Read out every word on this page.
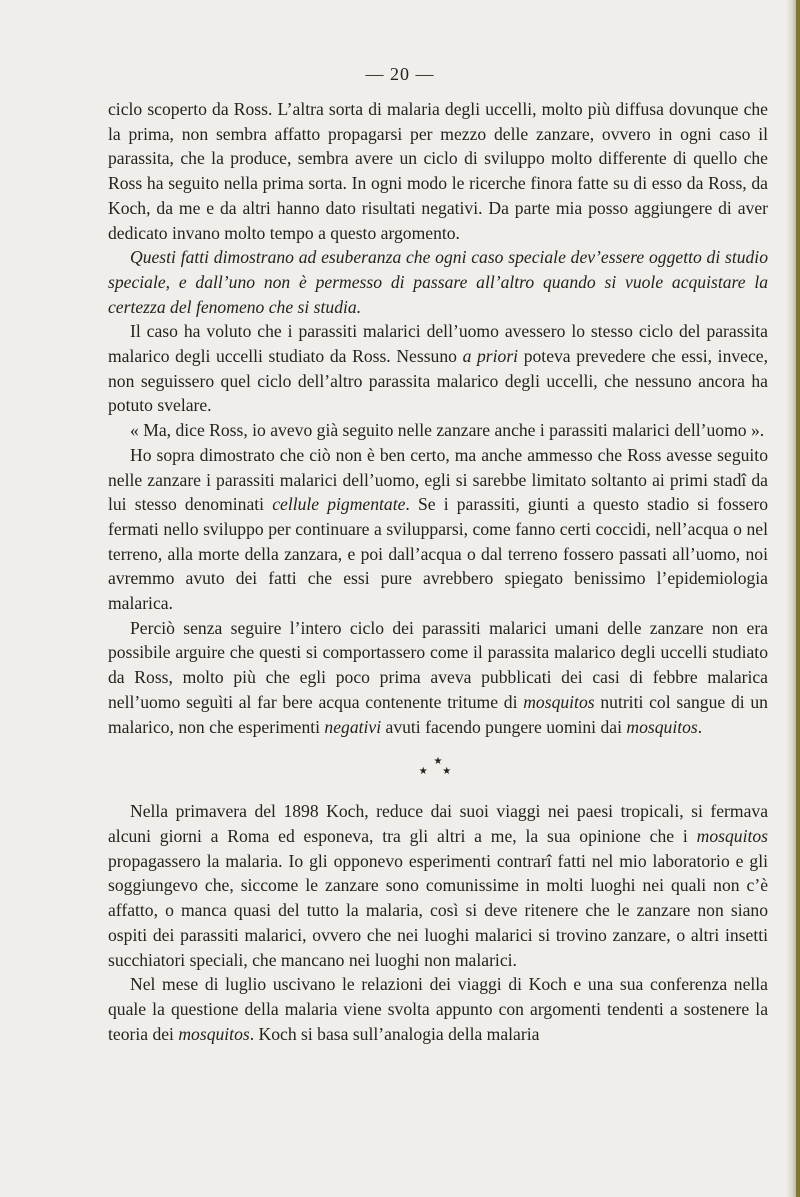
— 20 —

ciclo scoperto da Ross. L’altra sorta di malaria degli uccelli, molto più diffusa dovunque che la prima, non sembra affatto propagarsi per mezzo delle zanzare, ovvero in ogni caso il parassita, che la produce, sembra avere un ciclo di sviluppo molto differente di quello che Ross ha seguito nella prima sorta. In ogni modo le ricerche finora fatte su di esso da Ross, da Koch, da me e da altri hanno dato risultati negativi. Da parte mia posso aggiungere di aver dedicato invano molto tempo a questo argomento.

Questi fatti dimostrano ad esuberanza che ogni caso speciale dev’essere oggetto di studio speciale, e dall’uno non è permesso di passare all’altro quando si vuole acquistare la certezza del fenomeno che si studia.

Il caso ha voluto che i parassiti malarici dell’uomo avessero lo stesso ciclo del parassita malarico degli uccelli studiato da Ross. Nessuno a priori poteva prevedere che essi, invece, non seguissero quel ciclo dell’altro parassita malarico degli uccelli, che nessuno ancora ha potuto svelare.

« Ma, dice Ross, io avevo già seguito nelle zanzare anche i parassiti malarici dell’uomo ».

Ho sopra dimostrato che ciò non è ben certo, ma anche ammesso che Ross avesse seguito nelle zanzare i parassiti malarici dell’uomo, egli si sarebbe limitato soltanto ai primi stadî da lui stesso denominati cellule pigmentate. Se i parassiti, giunti a questo stadio si fossero fermati nello sviluppo per continuare a svilupparsi, come fanno certi coccidi, nell’acqua o nel terreno, alla morte della zanzara, e poi dall’acqua o dal terreno fossero passati all’uomo, noi avremmo avuto dei fatti che essi pure avrebbero spiegato benissimo l’epidemiologia malarica.

Perciò senza seguire l’intero ciclo dei parassiti malarici umani delle zanzare non era possibile arguire che questi si comportassero come il parassita malarico degli uccelli studiato da Ross, molto più che egli poco prima aveva pubblicati dei casi di febbre malarica nell’uomo seguìti al far bere acqua contenente tritume di mosquitos nutriti col sangue di un malarico, non che esperimenti negativi avuti facendo pungere uomini dai mosquitos.

★
★ ★

Nella primavera del 1898 Koch, reduce dai suoi viaggi nei paesi tropicali, si fermava alcuni giorni a Roma ed esponeva, tra gli altri a me, la sua opinione che i mosquitos propagassero la malaria. Io gli opponevo esperimenti contrarî fatti nel mio laboratorio e gli soggiungevo che, siccome le zanzare sono comunissime in molti luoghi nei quali non c’è affatto, o manca quasi del tutto la malaria, così si deve ritenere che le zanzare non siano ospiti dei parassiti malarici, ovvero che nei luoghi malarici si trovino zanzare, o altri insetti succhiatori speciali, che mancano nei luoghi non malarici.

Nel mese di luglio uscivano le relazioni dei viaggi di Koch e una sua conferenza nella quale la questione della malaria viene svolta appunto con argomenti tendenti a sostenere la teoria dei mosquitos. Koch si basa sull’analogia della malaria
